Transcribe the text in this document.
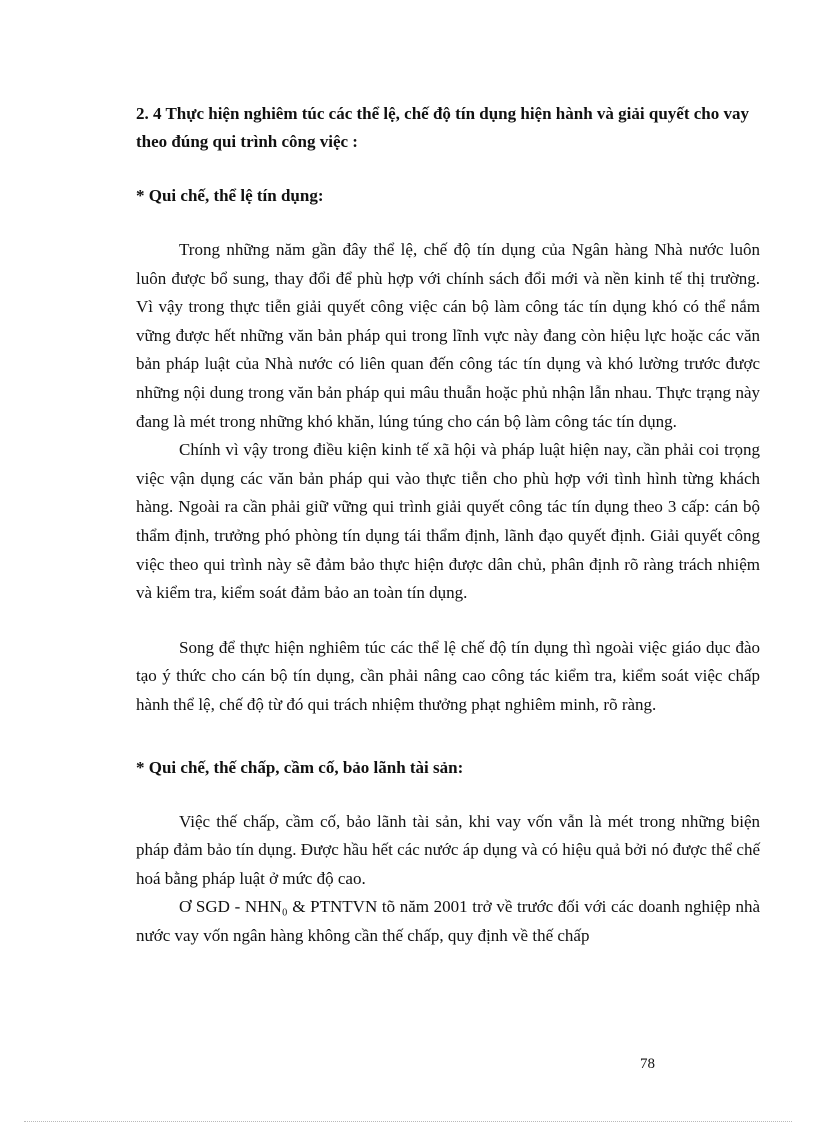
2. 4 Thực hiện nghiêm túc các thể lệ, chế độ tín dụng hiện hành và giải quyết cho vay theo đúng qui trình công việc :

* Qui chế, thể lệ tín dụng:

Trong những năm gần đây thể lệ, chế độ tín dụng của Ngân hàng Nhà nước luôn luôn được bổ sung, thay đổi để phù hợp với chính sách đổi mới và nền kinh tế thị trường. Vì vậy trong thực tiễn giải quyết công việc cán bộ làm công tác tín dụng khó có thể nắm vững được hết những văn bản pháp qui trong lĩnh vực này đang còn hiệu lực hoặc các văn bản pháp luật của Nhà nước có liên quan đến công tác tín dụng và khó lường trước được những nội dung trong văn bản pháp qui mâu thuẫn hoặc phủ nhận lẫn nhau. Thực trạng này đang là mét trong những khó khăn, lúng túng cho cán bộ làm công tác tín dụng.

Chính vì vậy trong điều kiện kinh tế xã hội và pháp luật hiện nay, cần phải coi trọng việc vận dụng các văn bản pháp qui vào thực tiễn cho phù hợp với tình hình từng khách hàng. Ngoài ra cần phải giữ vững qui trình giải quyết công tác tín dụng theo 3 cấp: cán bộ thẩm định, trưởng phó phòng tín dụng tái thẩm định, lãnh đạo quyết định. Giải quyết công việc theo qui trình này sẽ đảm bảo thực hiện được dân chủ, phân định rõ ràng trách nhiệm và kiểm tra, kiểm soát đảm bảo an toàn tín dụng.

Song để thực hiện nghiêm túc các thể lệ chế độ tín dụng thì ngoài việc giáo dục đào tạo ý thức cho cán bộ tín dụng, cần phải nâng cao công tác kiểm tra, kiểm soát việc chấp hành thể lệ, chế độ từ đó qui trách nhiệm thưởng phạt nghiêm minh, rõ ràng.

* Qui chế, thế chấp, cầm cố, bảo lãnh tài sản:

Việc thế chấp, cầm cố, bảo lãnh tài sản, khi vay vốn vẫn là mét trong những biện pháp đảm bảo tín dụng. Được hầu hết các nước áp dụng và có hiệu quả bởi nó được thể chế hoá bằng pháp luật ở mức độ cao.

Ơ SGD - NHN₀ & PTNTVN tõ năm 2001 trở về trước đối với các doanh nghiệp nhà nước vay vốn ngân hàng không cần thế chấp, quy định về thế chấp

78
